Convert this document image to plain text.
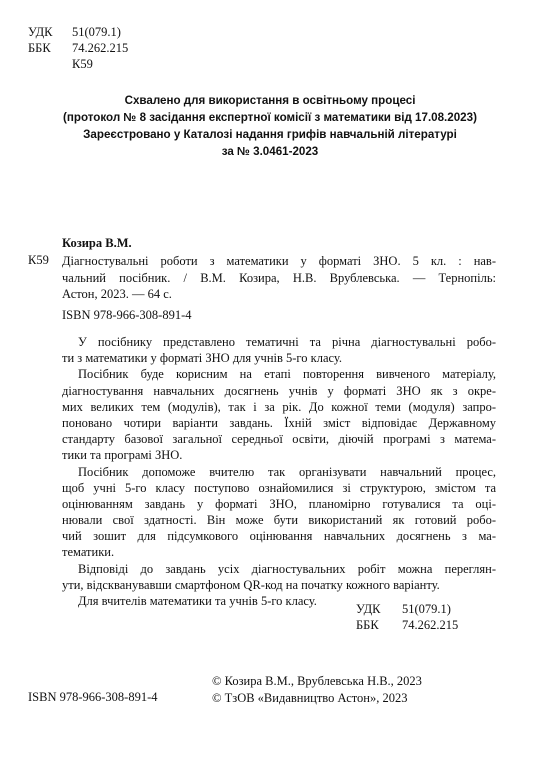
УДК	51(079.1)
ББК	74.262.215
К59
Схвалено для використання в освітньому процесі
(протокол № 8 засідання експертної комісії з математики від 17.08.2023)
Зареєстровано у Каталозі надання грифів навчальній літературі
за № 3.0461-2023
Козира В.М.
К59 Діагностувальні роботи з математики у форматі ЗНО. 5 кл. : нав-
чальний посібник. / В.М. Козира, Н.В. Врублевська. — Тернопіль:
Астон, 2023. — 64 с.
ISBN 978-966-308-891-4
У посібнику представлено тематичні та річна діагностувальні робо-
ти з математики у форматі ЗНО для учнів 5-го класу.
Посібник буде корисним на етапі повторення вивченого матеріалу,
діагностування навчальних досягнень учнів у форматі ЗНО як з окре-
мих великих тем (модулів), так і за рік. До кожної теми (модуля) запро-
поновано чотири варіанти завдань. Їхній зміст відповідає Державному
стандарту базової загальної середньої освіти, діючій програмі з матема-
тики та програмі ЗНО.
Посібник допоможе вчителю так організувати навчальний процес,
щоб учні 5-го класу поступово ознайомилися зі структурою, змістом та
оцінюванням завдань у форматі ЗНО, планомірно готувалися та оці-
нювали свої здатності. Він може бути використаний як готовий робо-
чий зошит для підсумкового оцінювання навчальних досягнень з ма-
тематики.
Відповіді до завдань усіх діагностувальних робіт можна переглян-
ути, відскванувавши смартфоном QR-код на початку кожного варіанту.
Для вчителів математики та учнів 5-го класу.
УДК	51(079.1)
ББК	74.262.215
© Козира В.М., Врублевська Н.В., 2023
© ТзОВ «Видавництво Астон», 2023
ISBN 978-966-308-891-4
